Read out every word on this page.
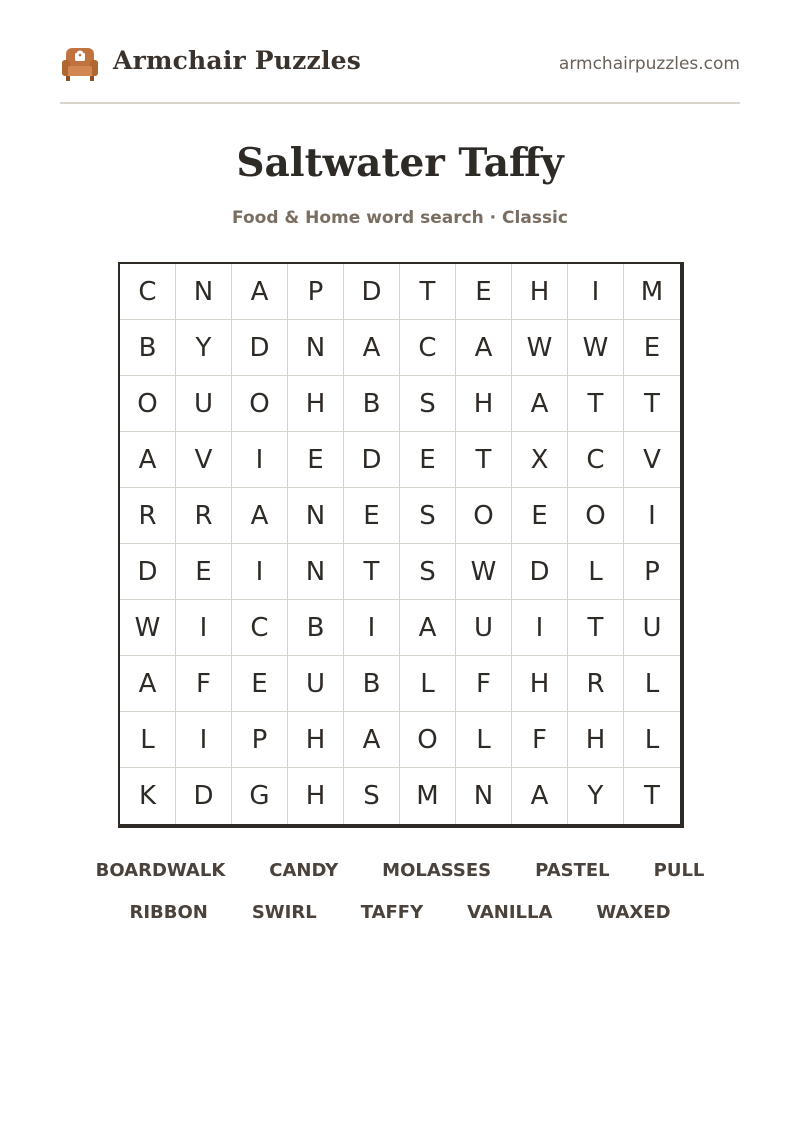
Armchair Puzzles	armchairpuzzles.com
Saltwater Taffy
Food & Home word search · Classic
C	N	A	P	D	T	E	H	I	M
B	Y	D	N	A	C	A	W	W	E
O	U	O	H	B	S	H	A	T	T
A	V	I	E	D	E	T	X	C	V
R	R	A	N	E	S	O	E	O	I
D	E	I	N	T	S	W	D	L	P
W	I	C	B	I	A	U	I	T	U
A	F	E	U	B	L	F	H	R	L
L	I	P	H	A	O	L	F	H	L
K	D	G	H	S	M	N	A	Y	T
BOARDWALK	CANDY	MOLASSES	PASTEL	PULL
RIBBON	SWIRL	TAFFY	VANILLA	WAXED
